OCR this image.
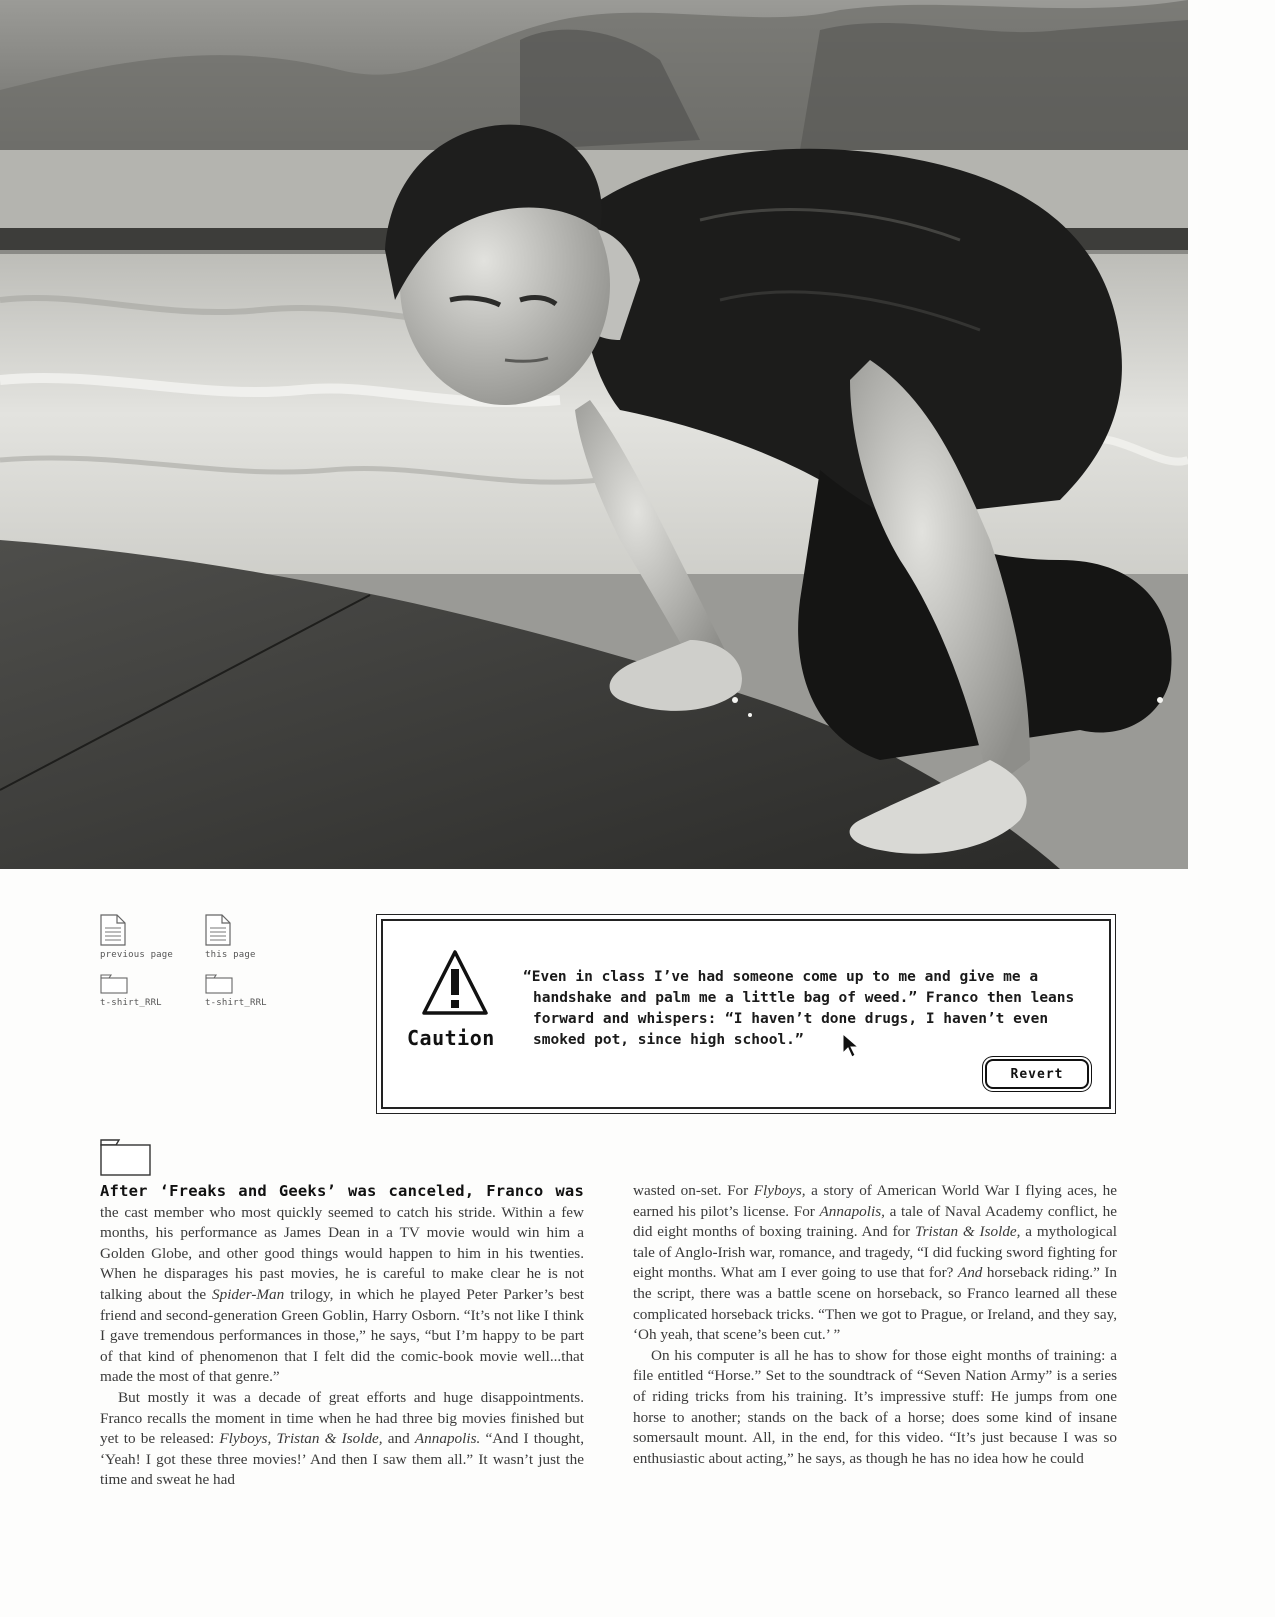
previous page	this page
t-shirt_RRL	t-shirt_RRL
Caution
“Even in class I’ve had someone come up to me and give me a handshake and palm me a little bag of weed.” Franco then leans forward and whispers: “I haven’t done drugs, I haven’t even smoked pot, since high school.”
Revert

After ‘Freaks and Geeks’ was canceled, Franco was the cast member who most quickly seemed to catch his stride. Within a few months, his performance as James Dean in a TV movie would win him a Golden Globe, and other good things would happen to him in his twenties. When he disparages his past movies, he is careful to make clear he is not talking about the Spider-Man trilogy, in which he played Peter Parker’s best friend and second-generation Green Goblin, Harry Osborn. “It’s not like I think I gave tremendous performances in those,” he says, “but I’m happy to be part of that kind of phenomenon that I felt did the comic-book movie well...that made the most of that genre.”

But mostly it was a decade of great efforts and huge disappointments. Franco recalls the moment in time when he had three big movies finished but yet to be released: Flyboys, Tristan & Isolde, and Annapolis. “And I thought, ‘Yeah! I got these three movies!’ And then I saw them all.” It wasn’t just the time and sweat he had

wasted on-set. For Flyboys, a story of American World War I flying aces, he earned his pilot’s license. For Annapolis, a tale of Naval Academy conflict, he did eight months of boxing training. And for Tristan & Isolde, a mythological tale of Anglo-Irish war, romance, and tragedy, “I did fucking sword fighting for eight months. What am I ever going to use that for? And horseback riding.” In the script, there was a battle scene on horseback, so Franco learned all these complicated horseback tricks. “Then we got to Prague, or Ireland, and they say, ‘Oh yeah, that scene’s been cut.’ ”

On his computer is all he has to show for those eight months of training: a file entitled “Horse.” Set to the soundtrack of “Seven Nation Army” is a series of riding tricks from his training. It’s impressive stuff: He jumps from one horse to another; stands on the back of a horse; does some kind of insane somersault mount. All, in the end, for this video. “It’s just because I was so enthusiastic about acting,” he says, as though he has no idea how he could
